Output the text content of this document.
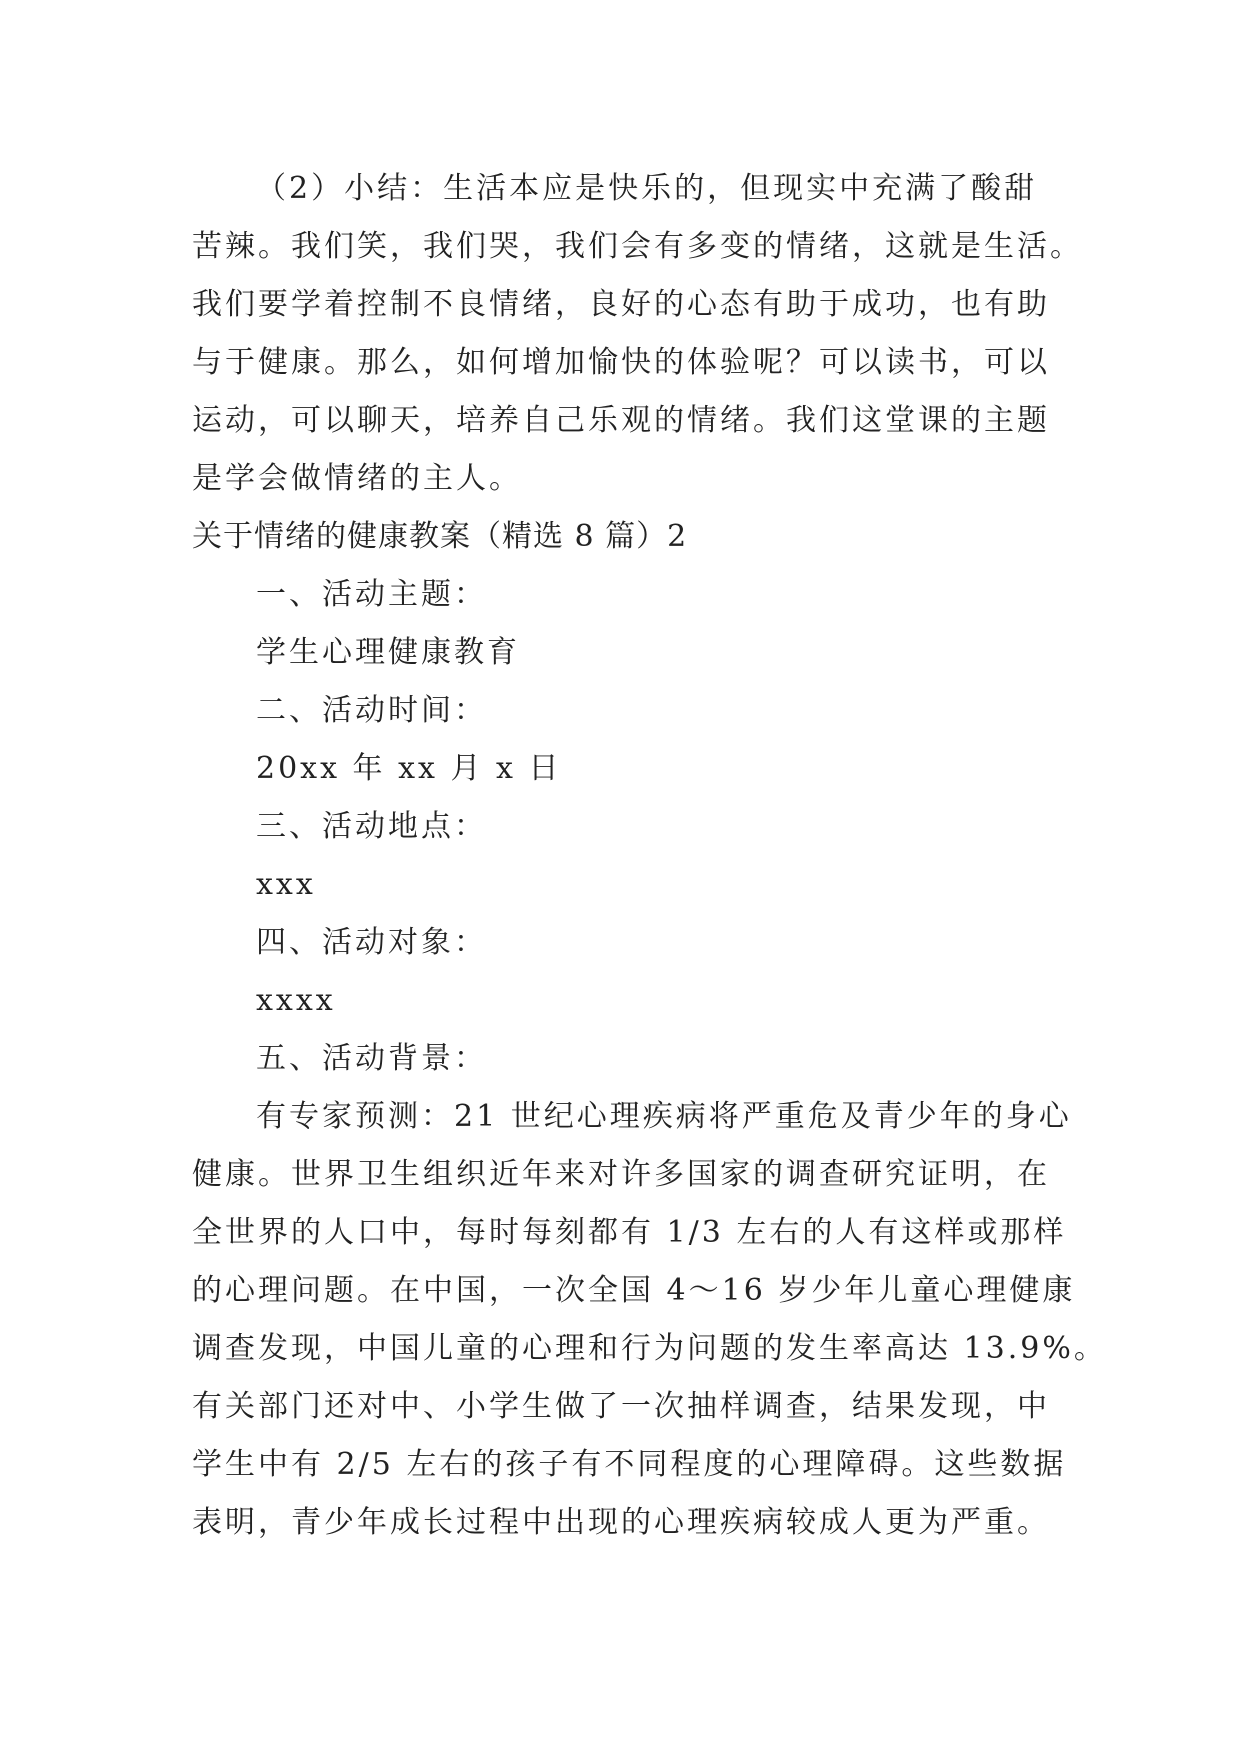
（2）小结：生活本应是快乐的，但现实中充满了酸甜

苦辣。我们笑，我们哭，我们会有多变的情绪，这就是生活。

我们要学着控制不良情绪，良好的心态有助于成功，也有助

与于健康。那么，如何增加愉快的体验呢？可以读书，可以

运动，可以聊天，培养自己乐观的情绪。我们这堂课的主题

是学会做情绪的主人。

关于情绪的健康教案（精选 8 篇）2

一、活动主题：

学生心理健康教育

二、活动时间：

20xx 年 xx 月 x 日

三、活动地点：

xxx

四、活动对象：

xxxx

五、活动背景：

有专家预测：21 世纪心理疾病将严重危及青少年的身心

健康。世界卫生组织近年来对许多国家的调查研究证明，在

全世界的人口中，每时每刻都有 1/3 左右的人有这样或那样

的心理问题。在中国，一次全国 4～16 岁少年儿童心理健康

调查发现，中国儿童的心理和行为问题的发生率高达 13.9%。

有关部门还对中、小学生做了一次抽样调查，结果发现，中

学生中有 2/5 左右的孩子有不同程度的心理障碍。这些数据

表明，青少年成长过程中出现的心理疾病较成人更为严重。
